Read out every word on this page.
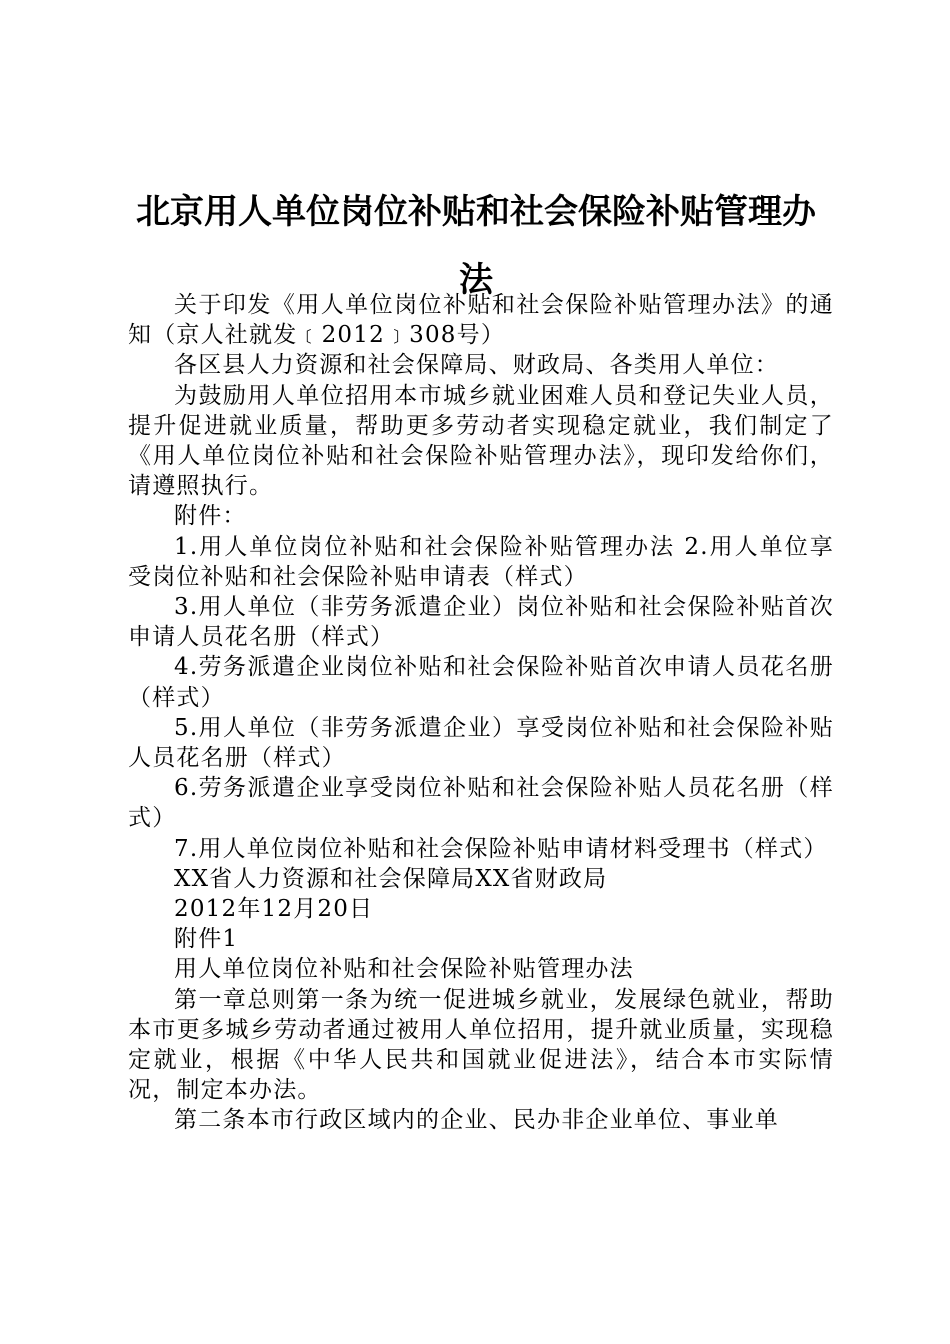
北京用人单位岗位补贴和社会保险补贴管理办法

关于印发《用人单位岗位补贴和社会保险补贴管理办法》的通知（京人社就发﹝2012﹞308号）

各区县人力资源和社会保障局、财政局、各类用人单位：

为鼓励用人单位招用本市城乡就业困难人员和登记失业人员，提升促进就业质量，帮助更多劳动者实现稳定就业，我们制定了《用人单位岗位补贴和社会保险补贴管理办法》，现印发给你们，请遵照执行。

附件：

1.用人单位岗位补贴和社会保险补贴管理办法 2.用人单位享受岗位补贴和社会保险补贴申请表（样式）

3.用人单位（非劳务派遣企业）岗位补贴和社会保险补贴首次申请人员花名册（样式）

4.劳务派遣企业岗位补贴和社会保险补贴首次申请人员花名册（样式）

5.用人单位（非劳务派遣企业）享受岗位补贴和社会保险补贴人员花名册（样式）

6.劳务派遣企业享受岗位补贴和社会保险补贴人员花名册（样式）

7.用人单位岗位补贴和社会保险补贴申请材料受理书（样式）

XX省人力资源和社会保障局XX省财政局

2012年12月20日

附件1

用人单位岗位补贴和社会保险补贴管理办法

第一章总则第一条为统一促进城乡就业，发展绿色就业，帮助本市更多城乡劳动者通过被用人单位招用，提升就业质量，实现稳定就业，根据《中华人民共和国就业促进法》，结合本市实际情况，制定本办法。

第二条本市行政区域内的企业、民办非企业单位、事业单
